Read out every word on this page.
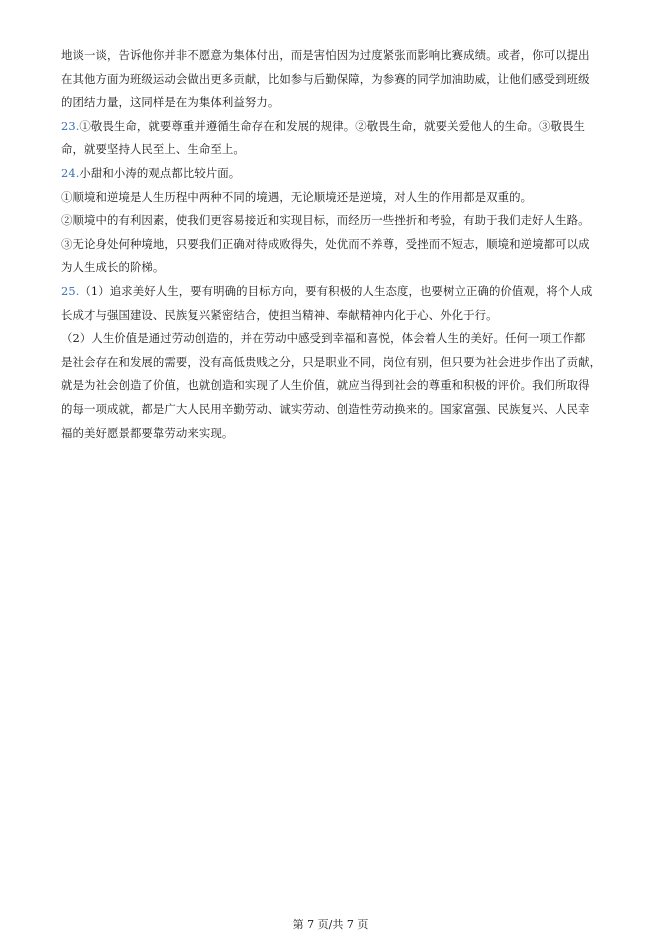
地谈一谈，告诉他你并非不愿意为集体付出，而是害怕因为过度紧张而影响比赛成绩。或者，你可以提出
在其他方面为班级运动会做出更多贡献，比如参与后勤保障，为参赛的同学加油助威，让他们感受到班级
的团结力量，这同样是在为集体利益努力。
23.①敬畏生命，就要尊重并遵循生命存在和发展的规律。②敬畏生命，就要关爱他人的生命。③敬畏生
命，就要坚持人民至上、生命至上。
24.小甜和小涛的观点都比较片面。
①顺境和逆境是人生历程中两种不同的境遇，无论顺境还是逆境，对人生的作用都是双重的。
②顺境中的有利因素，使我们更容易接近和实现目标，而经历一些挫折和考验，有助于我们走好人生路。
③无论身处何种境地，只要我们正确对待成败得失，处优而不养尊，受挫而不短志，顺境和逆境都可以成
为人生成长的阶梯。
25.（1）追求美好人生，要有明确的目标方向，要有积极的人生态度，也要树立正确的价值观，将个人成
长成才与强国建设、民族复兴紧密结合，使担当精神、奉献精神内化于心、外化于行。
（2）人生价值是通过劳动创造的，并在劳动中感受到幸福和喜悦，体会着人生的美好。任何一项工作都
是社会存在和发展的需要，没有高低贵贱之分，只是职业不同，岗位有别，但只要为社会进步作出了贡献，
就是为社会创造了价值，也就创造和实现了人生价值，就应当得到社会的尊重和积极的评价。我们所取得
的每一项成就，都是广大人民用辛勤劳动、诚实劳动、创造性劳动换来的。国家富强、民族复兴、人民幸
福的美好愿景都要靠劳动来实现。
第 7 页/共 7 页
